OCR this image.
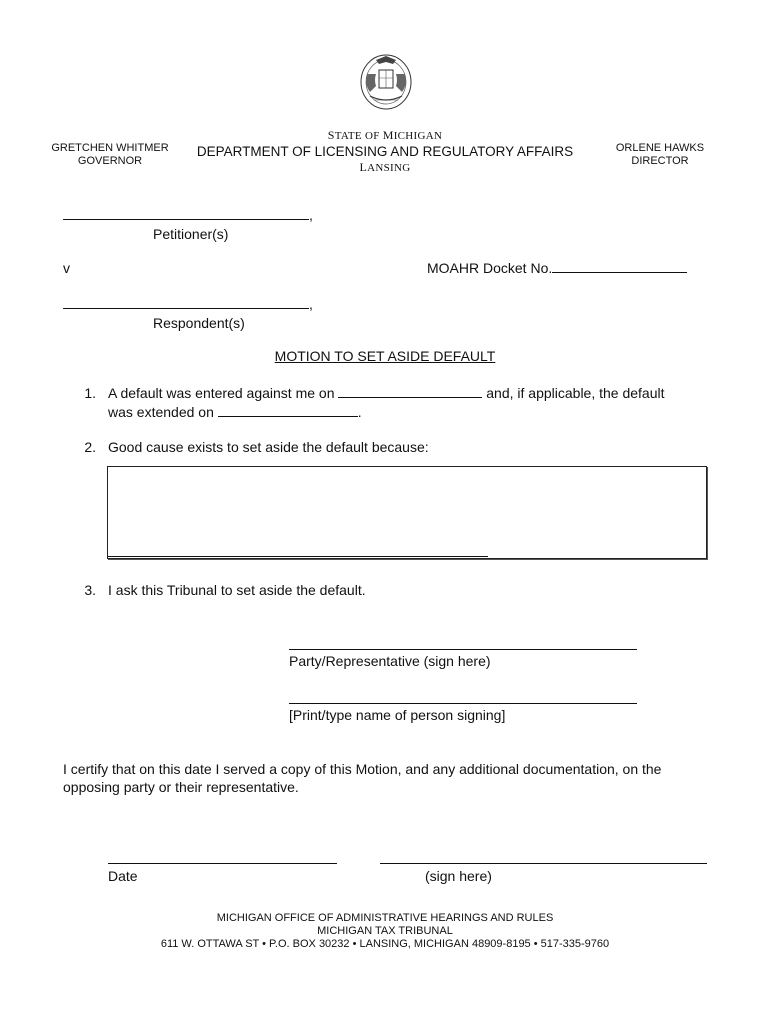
GRETCHEN WHITMER
GOVERNOR
STATE OF MICHIGAN
DEPARTMENT OF LICENSING AND REGULATORY AFFAIRS
LANSING
ORLENE HAWKS
DIRECTOR
,
Petitioner(s)
v	MOAHR Docket No.
,
Respondent(s)
MOTION TO SET ASIDE DEFAULT
1. A default was entered against me on	and, if applicable, the default
was extended on	.
2. Good cause exists to set aside the default because:
3. I ask this Tribunal to set aside the default.
Party/Representative (sign here)
[Print/type name of person signing]
I certify that on this date I served a copy of this Motion, and any additional documentation, on the opposing party or their representative.
Date	(sign here)
MICHIGAN OFFICE OF ADMINISTRATIVE HEARINGS AND RULES
MICHIGAN TAX TRIBUNAL
611 W. OTTAWA ST • P.O. BOX 30232 • LANSING, MICHIGAN 48909-8195 • 517-335-9760
